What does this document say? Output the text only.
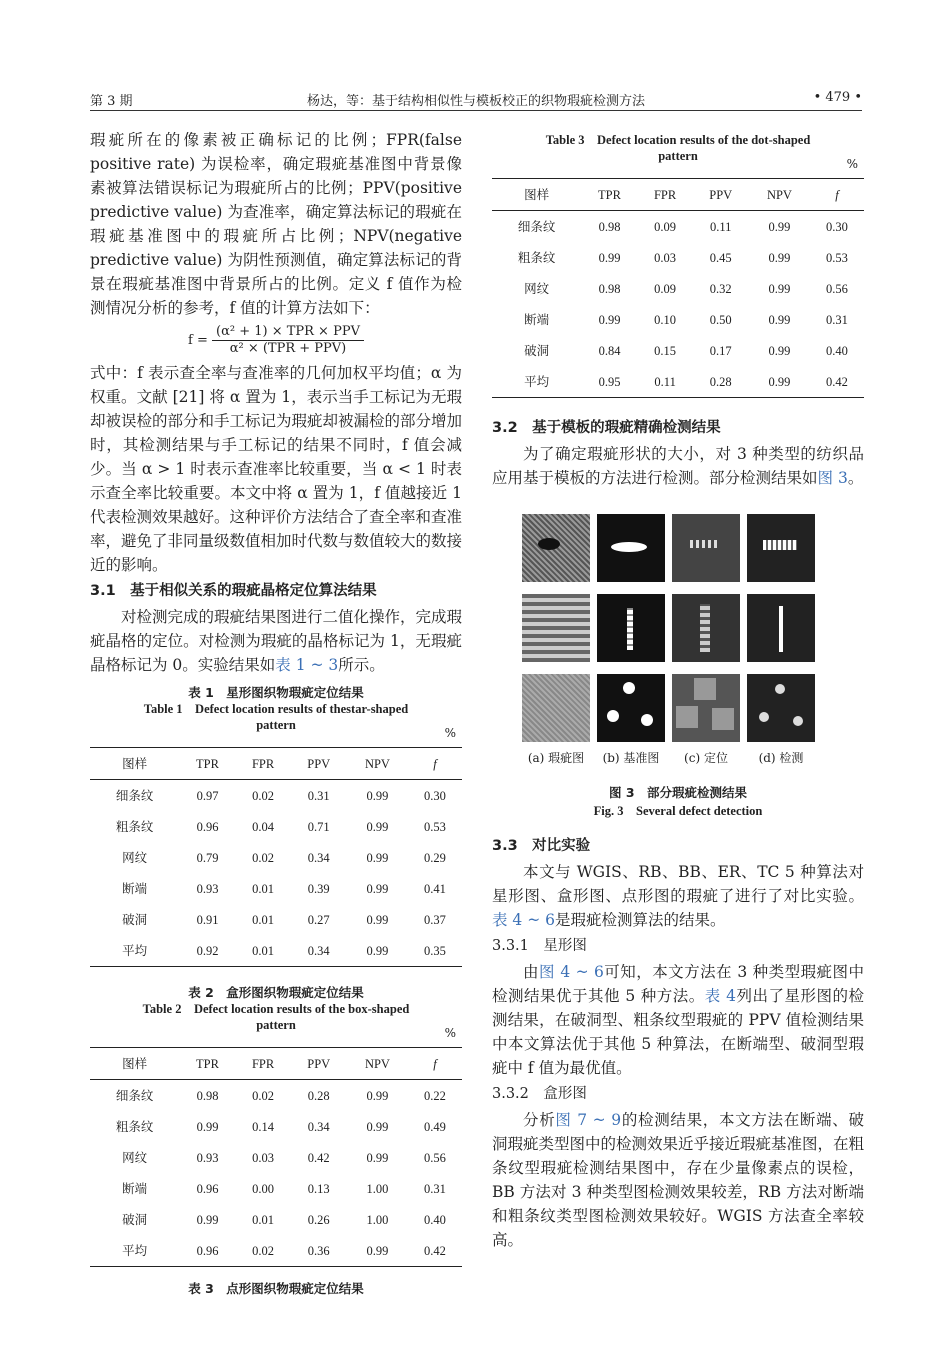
第 3 期	杨达，等：基于结构相似性与模板校正的织物瑕疵检测方法	• 479 •

瑕疵所在的像素被正确标记的比例；FPR(false positive rate) 为误检率，确定瑕疵基准图中背景像素被算法错误标记为瑕疵所占的比例；PPV(positive predictive value) 为查准率，确定算法标记的瑕疵在瑕疵基准图中的瑕疵所占比例；NPV(negative predictive value) 为阴性预测值，确定算法标记的背景在瑕疵基准图中背景所占的比例。定义 f 值作为检测情况分析的参考，f 值的计算方法如下：

$f = \frac{\text{(α² + 1) × TPR × PPV}}{\text{α² × (TPR + PPV)}}$

式中：f 表示查全率与查准率的几何加权平均值；α 为权重。文献 [21] 将 α 置为 1，表示当手工标记为无瑕却被误检的部分和手工标记为瑕疵却被漏检的部分增加时，其检测结果与手工标记的结果不同时，f 值会减少。当 α > 1 时表示查准率比较重要，当 α < 1 时表示查全率比较重要。本文中将 α 置为 1，f 值越接近 1 代表检测效果越好。这种评价方法结合了查全率和查准率，避免了非同量级数值相加时代数与数值较大的数接近的影响。

3.1　基于相似关系的瑕疵晶格定位算法结果

对检测完成的瑕疵结果图进行二值化操作，完成瑕疵晶格的定位。对检测为瑕疵的晶格标记为 1，无瑕疵晶格标记为 0。实验结果如表 1 ~ 3所示。

表 1　星形图织物瑕疵定位结果
Table 1　Defect location results of thestar-shaped
pattern
%
图样	TPR	FPR	PPV	NPV	f
细条纹	0.97	0.02	0.31	0.99	0.30
粗条纹	0.96	0.04	0.71	0.99	0.53
网纹	0.79	0.02	0.34	0.99	0.29
断端	0.93	0.01	0.39	0.99	0.41
破洞	0.91	0.01	0.27	0.99	0.37
平均	0.92	0.01	0.34	0.99	0.35
表 2　盒形图织物瑕疵定位结果
Table 2　Defect location results of the box-shaped
pattern
%
图样	TPR	FPR	PPV	NPV	f
细条纹	0.98	0.02	0.28	0.99	0.22
粗条纹	0.99	0.14	0.34	0.99	0.49
网纹	0.93	0.03	0.42	0.99	0.56
断端	0.96	0.00	0.13	1.00	0.31
破洞	0.99	0.01	0.26	1.00	0.40
平均	0.96	0.02	0.36	0.99	0.42
表 3　点形图织物瑕疵定位结果
Table 3　Defect location results of the dot-shaped
pattern
%
图样	TPR	FPR	PPV	NPV	f
细条纹	0.98	0.09	0.11	0.99	0.30
粗条纹	0.99	0.03	0.45	0.99	0.53
网纹	0.98	0.09	0.32	0.99	0.56
断端	0.99	0.10	0.50	0.99	0.31
破洞	0.84	0.15	0.17	0.99	0.40
平均	0.95	0.11	0.28	0.99	0.42
3.2　基于模板的瑕疵精确检测结果

为了确定瑕疵形状的大小，对 3 种类型的纺织品应用基于模板的方法进行检测。部分检测结果如图 3。

(a) 瑕疵图	(b) 基准图	(c) 定位	(d) 检测
图 3　部分瑕疵检测结果
Fig. 3　Several defect detection
3.3　对比实验

本文与 WGIS、RB、BB、ER、TC 5 种算法对星形图、盒形图、点形图的瑕疵了进行了对比实验。表 4 ~ 6是瑕疵检测算法的结果。

3.3.1　星形图

由图 4 ~ 6可知，本文方法在 3 种类型瑕疵图中检测结果优于其他 5 种方法。表 4列出了星形图的检测结果，在破洞型、粗条纹型瑕疵的 PPV 值检测结果中本文算法优于其他 5 种算法，在断端型、破洞型瑕疵中 f 值为最优值。

3.3.2　盒形图

分析图 7 ~ 9的检测结果，本文方法在断端、破洞瑕疵类型图中的检测效果近乎接近瑕疵基准图，在粗条纹型瑕疵检测结果图中，存在少量像素点的误检，BB 方法对 3 种类型图检测效果较差，RB 方法对断端和粗条纹类型图检测效果较好。WGIS 方法查全率较高。
